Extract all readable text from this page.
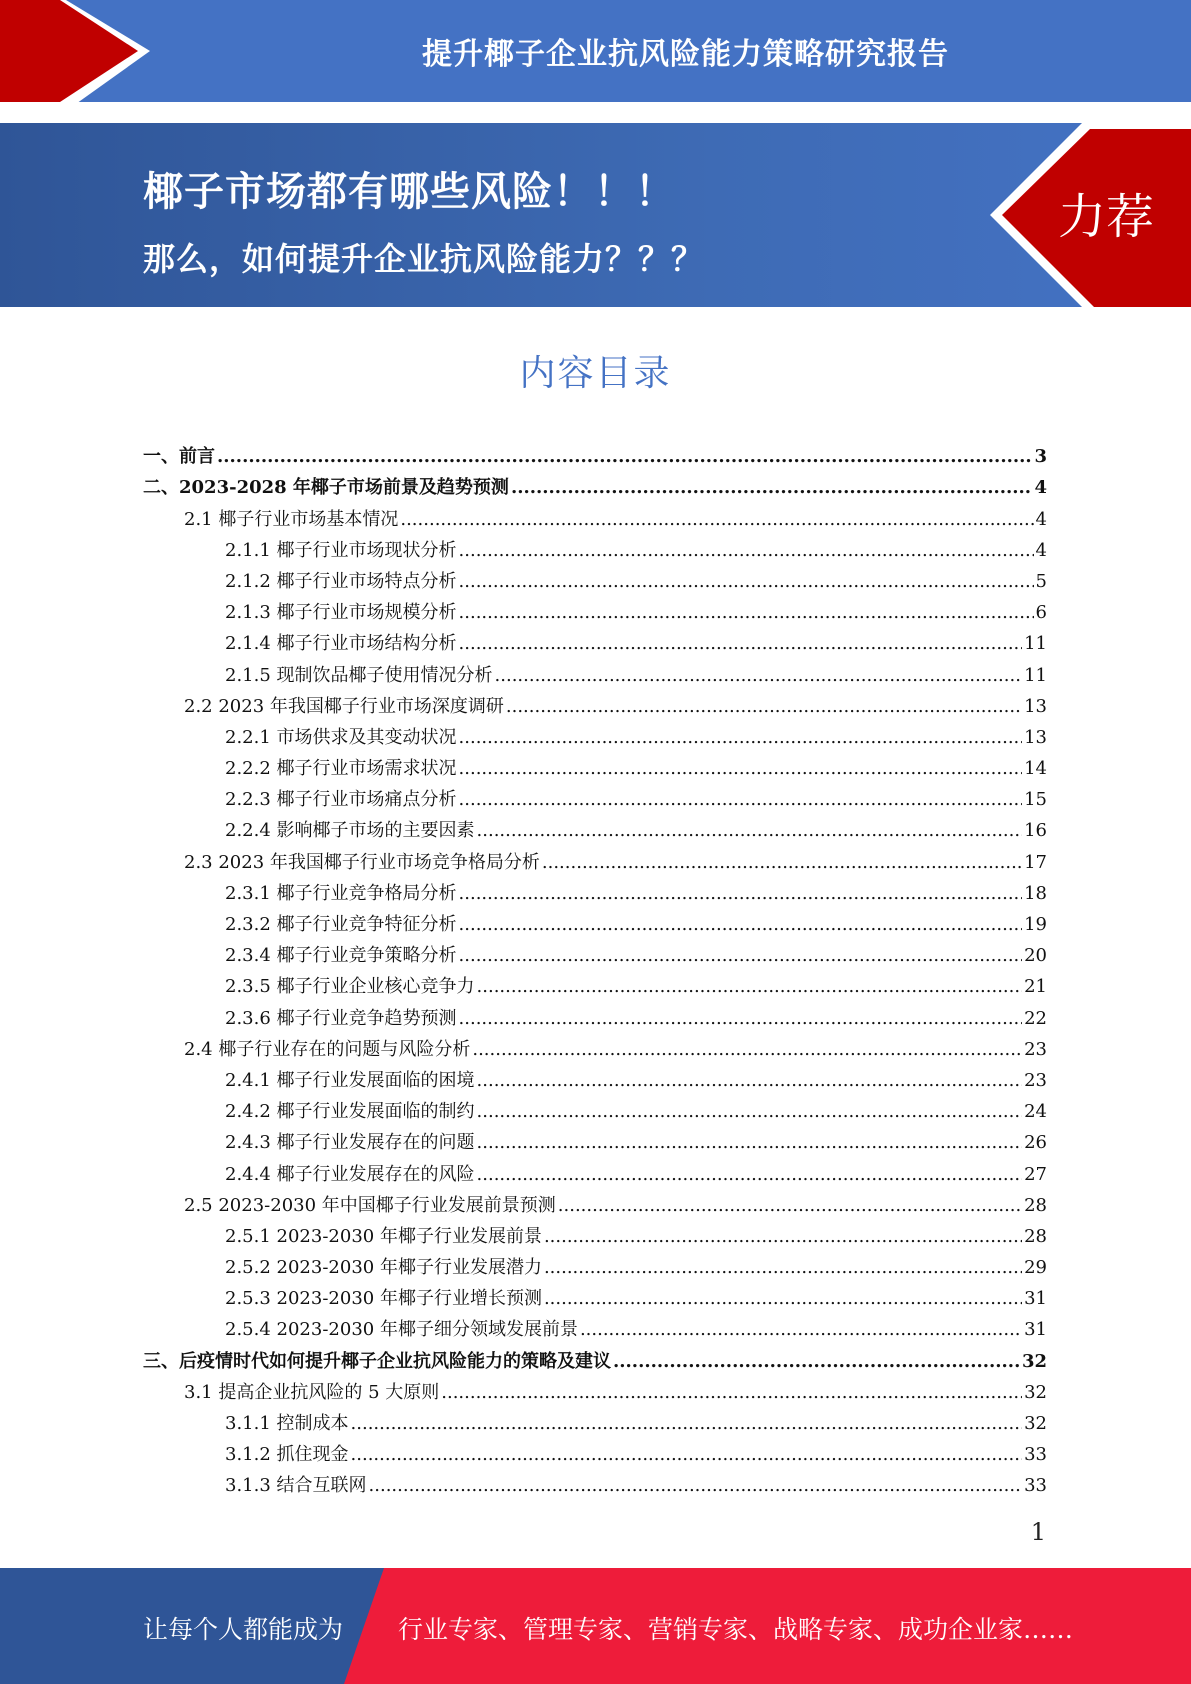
提升椰子企业抗风险能力策略研究报告
椰子市场都有哪些风险！！！
那么，如何提升企业抗风险能力？？？
力荐
内容目录
一、前言 .....	3
二、2023-2028 年椰子市场前景及趋势预测 .....	4
2.1 椰子行业市场基本情况 .....	4
2.1.1 椰子行业市场现状分析 .....	4
2.1.2 椰子行业市场特点分析 .....	5
2.1.3 椰子行业市场规模分析 .....	6
2.1.4 椰子行业市场结构分析 .....	11
2.1.5 现制饮品椰子使用情况分析 .....	11
2.2 2023 年我国椰子行业市场深度调研 .....	13
2.2.1 市场供求及其变动状况 .....	13
2.2.2 椰子行业市场需求状况 .....	14
2.2.3 椰子行业市场痛点分析 .....	15
2.2.4 影响椰子市场的主要因素 .....	16
2.3 2023 年我国椰子行业市场竞争格局分析 .....	17
2.3.1 椰子行业竞争格局分析 .....	18
2.3.2 椰子行业竞争特征分析 .....	19
2.3.4 椰子行业竞争策略分析 .....	20
2.3.5 椰子行业企业核心竞争力 .....	21
2.3.6 椰子行业竞争趋势预测 .....	22
2.4 椰子行业存在的问题与风险分析 .....	23
2.4.1 椰子行业发展面临的困境 .....	23
2.4.2 椰子行业发展面临的制约 .....	24
2.4.3 椰子行业发展存在的问题 .....	26
2.4.4 椰子行业发展存在的风险 .....	27
2.5 2023-2030 年中国椰子行业发展前景预测 .....	28
2.5.1 2023-2030 年椰子行业发展前景 .....	28
2.5.2 2023-2030 年椰子行业发展潜力 .....	29
2.5.3 2023-2030 年椰子行业增长预测 .....	31
2.5.4 2023-2030 年椰子细分领域发展前景 .....	31
三、后疫情时代如何提升椰子企业抗风险能力的策略及建议 .....	32
3.1 提高企业抗风险的 5 大原则 .....	32
3.1.1 控制成本 .....	32
3.1.2 抓住现金 .....	33
3.1.3 结合互联网 .....	33
1
让每个人都能成为 行业专家、管理专家、营销专家、战略专家、成功企业家……
